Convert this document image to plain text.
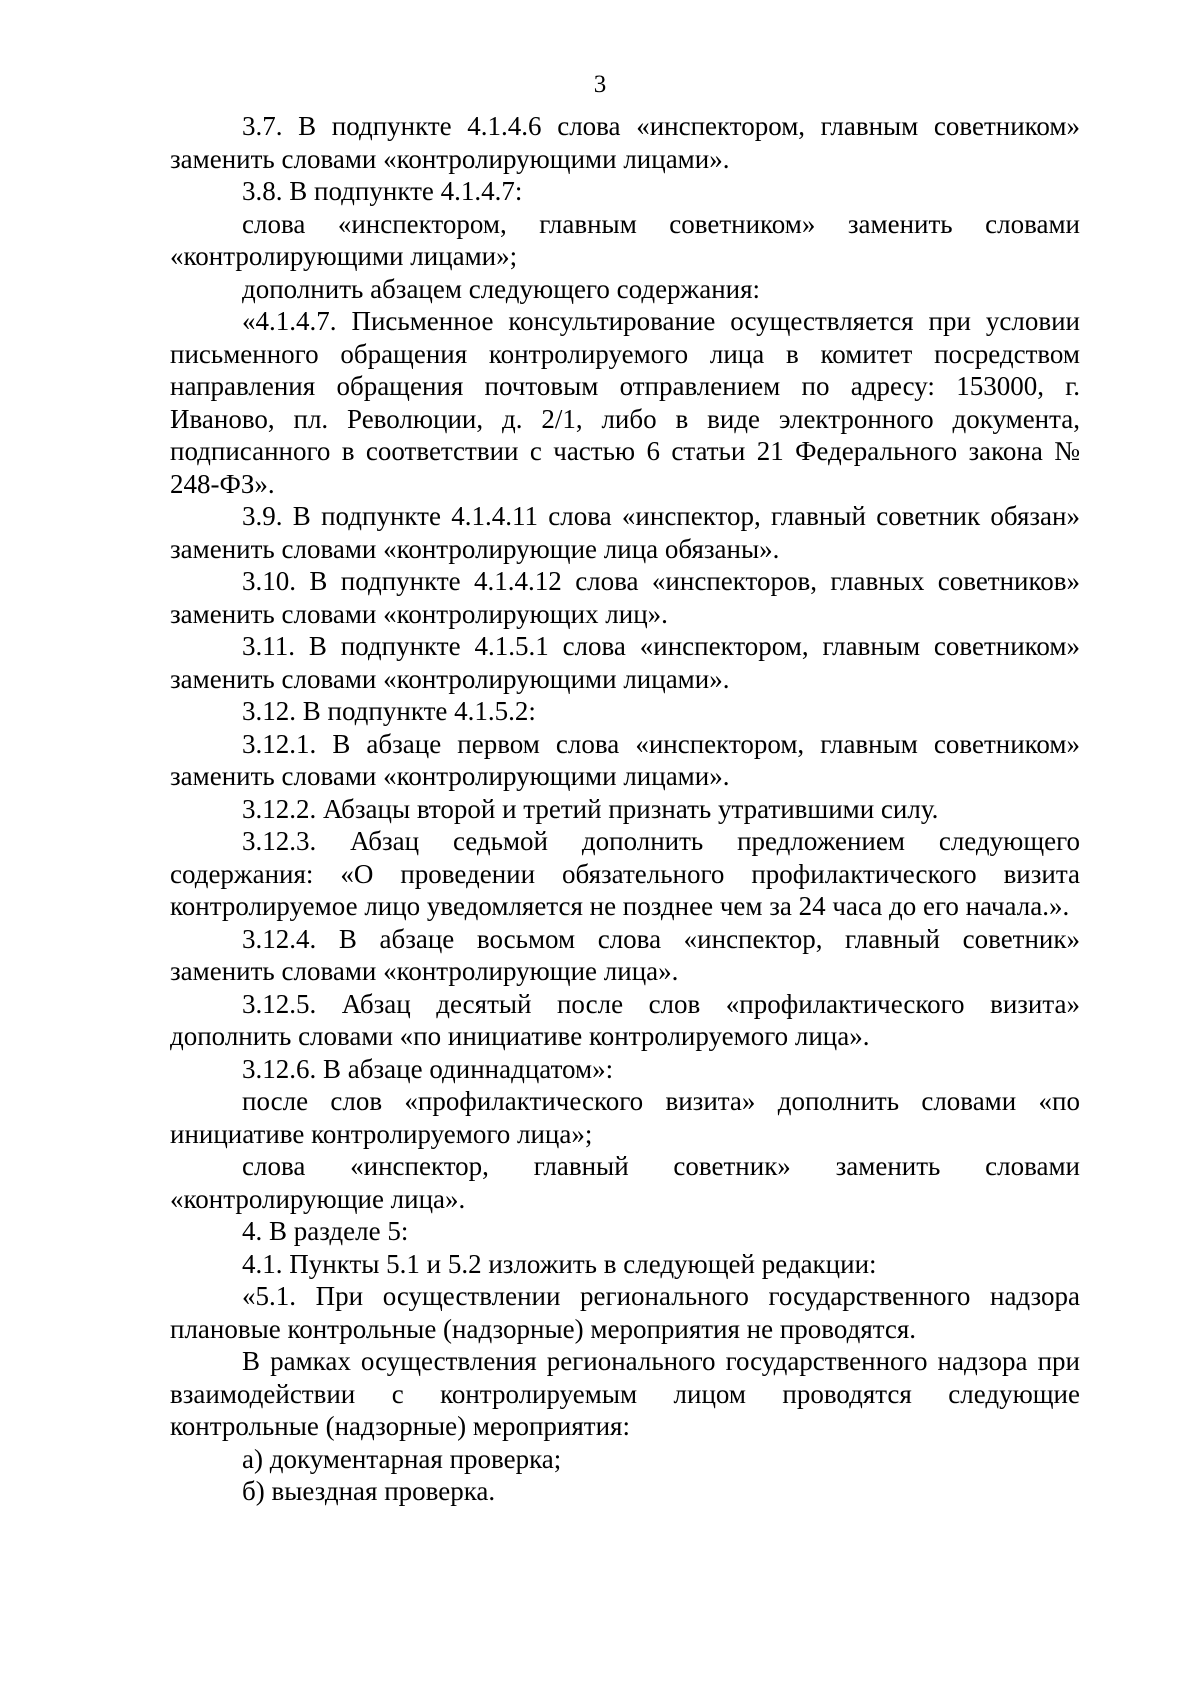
3

3.7. В подпункте 4.1.4.6 слова «инспектором, главным советником» заменить словами «контролирующими лицами».

3.8. В подпункте 4.1.4.7:

слова «инспектором, главным советником» заменить словами «контролирующими лицами»;

дополнить абзацем следующего содержания:

«4.1.4.7. Письменное консультирование осуществляется при условии письменного обращения контролируемого лица в комитет посредством направления обращения почтовым отправлением по адресу: 153000, г. Иваново, пл. Революции, д. 2/1, либо в виде электронного документа, подписанного в соответствии с частью 6 статьи 21 Федерального закона № 248-ФЗ».

3.9. В подпункте 4.1.4.11 слова «инспектор, главный советник обязан» заменить словами «контролирующие лица обязаны».

3.10. В подпункте 4.1.4.12 слова «инспекторов, главных советников» заменить словами «контролирующих лиц».

3.11. В подпункте 4.1.5.1 слова «инспектором, главным советником» заменить словами «контролирующими лицами».

3.12. В подпункте 4.1.5.2:

3.12.1. В абзаце первом слова «инспектором, главным советником» заменить словами «контролирующими лицами».

3.12.2. Абзацы второй и третий признать утратившими силу.

3.12.3. Абзац седьмой дополнить предложением следующего содержания: «О проведении обязательного профилактического визита контролируемое лицо уведомляется не позднее чем за 24 часа до его начала.».

3.12.4. В абзаце восьмом слова «инспектор, главный советник» заменить словами «контролирующие лица».

3.12.5. Абзац десятый после слов «профилактического визита» дополнить словами «по инициативе контролируемого лица».

3.12.6. В абзаце одиннадцатом»:

после слов «профилактического визита» дополнить словами «по инициативе контролируемого лица»;

слова «инспектор, главный советник» заменить словами «контролирующие лица».

4. В разделе 5:

4.1. Пункты 5.1 и 5.2 изложить в следующей редакции:

«5.1. При осуществлении регионального государственного надзора плановые контрольные (надзорные) мероприятия не проводятся.

В рамках осуществления регионального государственного надзора при взаимодействии с контролируемым лицом проводятся следующие контрольные (надзорные) мероприятия:

а) документарная проверка;

б) выездная проверка.
